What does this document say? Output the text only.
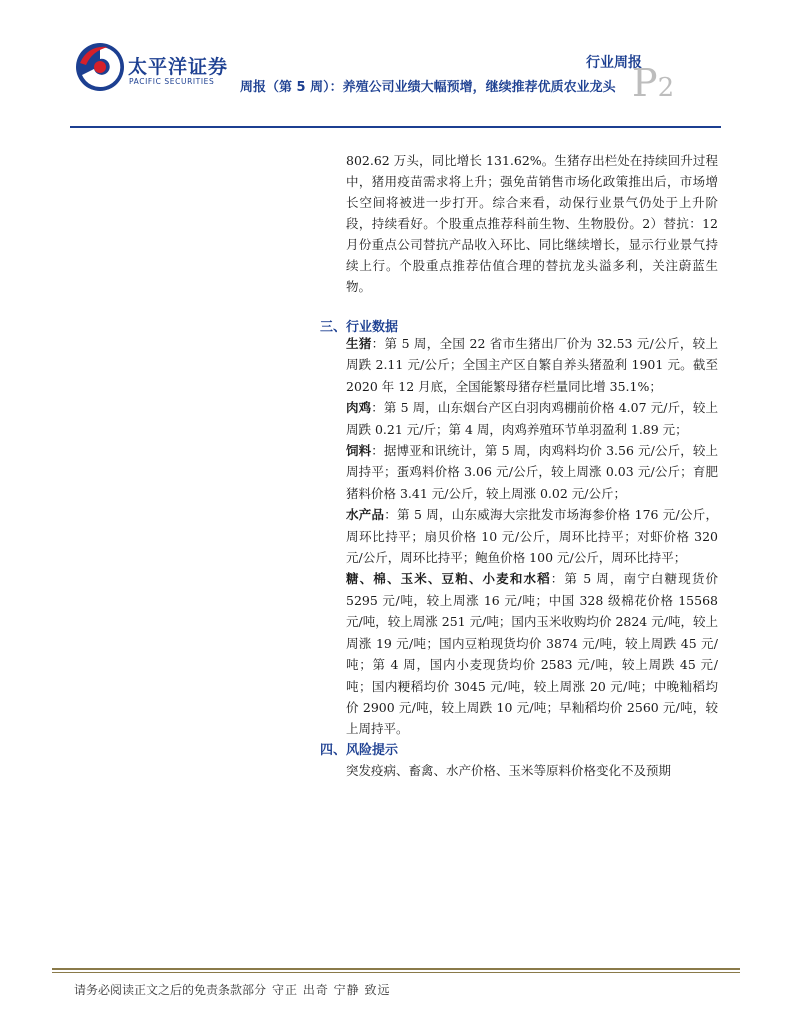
太平洋证券
PACIFIC SECURITIES
行业周报
周报（第 5 周）：养殖公司业绩大幅预增，继续推荐优质农业龙头 P2

802.62 万头，同比增长 131.62%。生猪存出栏处在持续回升过程中，猪用疫苗需求将上升；强免苗销售市场化政策推出后，市场增长空间将被进一步打开。综合来看，动保行业景气仍处于上升阶段，持续看好。个股重点推荐科前生物、生物股份。2）替抗：12 月份重点公司替抗产品收入环比、同比继续增长，显示行业景气持续上行。个股重点推荐估值合理的替抗龙头溢多利，关注蔚蓝生物。

三、行业数据

生猪：第 5 周，全国 22 省市生猪出厂价为 32.53 元/公斤，较上周跌 2.11 元/公斤；全国主产区自繁自养头猪盈利 1901 元。截至 2020 年 12 月底，全国能繁母猪存栏量同比增 35.1%；

肉鸡：第 5 周，山东烟台产区白羽肉鸡棚前价格 4.07 元/斤，较上周跌 0.21 元/斤；第 4 周，肉鸡养殖环节单羽盈利 1.89 元；

饲料：据博亚和讯统计，第 5 周，肉鸡料均价 3.56 元/公斤，较上周持平；蛋鸡料价格 3.06 元/公斤，较上周涨 0.03 元/公斤；育肥猪料价格 3.41 元/公斤，较上周涨 0.02 元/公斤；

水产品：第 5 周，山东威海大宗批发市场海参价格 176 元/公斤，周环比持平；扇贝价格 10 元/公斤，周环比持平；对虾价格 320 元/公斤，周环比持平；鲍鱼价格 100 元/公斤，周环比持平；

糖、棉、玉米、豆粕、小麦和水稻：第 5 周，南宁白糖现货价 5295 元/吨，较上周涨 16 元/吨；中国 328 级棉花价格 15568 元/吨，较上周涨 251 元/吨；国内玉米收购均价 2824 元/吨，较上周涨 19 元/吨；国内豆粕现货均价 3874 元/吨，较上周跌 45 元/吨；第 4 周，国内小麦现货均价 2583 元/吨，较上周跌 45 元/吨；国内粳稻均价 3045 元/吨，较上周涨 20 元/吨；中晚籼稻均价 2900 元/吨，较上周跌 10 元/吨；早籼稻均价 2560 元/吨，较上周持平。

四、风险提示
突发疫病、畜禽、水产价格、玉米等原料价格变化不及预期
请务必阅读正文之后的免责条款部分 守正 出奇 宁静 致远
